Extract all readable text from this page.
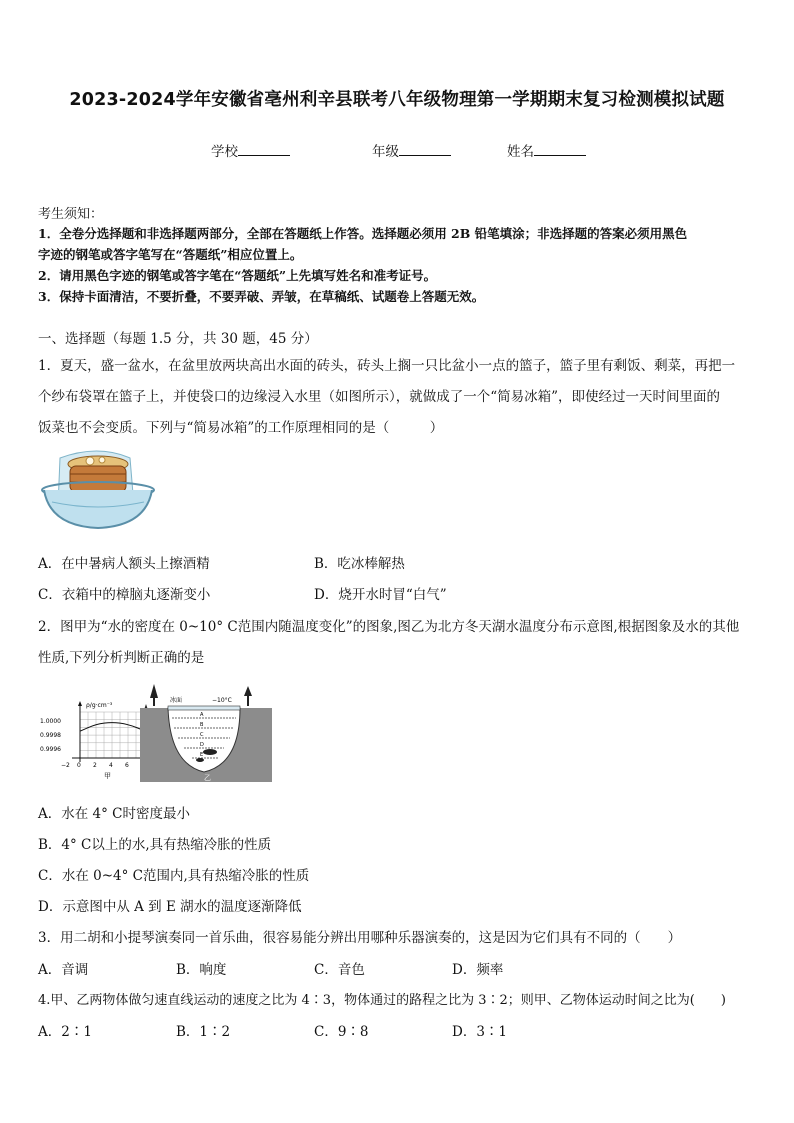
2023-2024学年安徽省亳州利辛县联考八年级物理第一学期期末复习检测模拟试题
学校	年级	姓名
考生须知：
1．全卷分选择题和非选择题两部分，全部在答题纸上作答。选择题必须用 2B 铅笔填涂；非选择题的答案必须用黑色
字迹的钢笔或答字笔写在“答题纸”相应位置上。
2．请用黑色字迹的钢笔或答字笔在“答题纸”上先填写姓名和准考证号。
3．保持卡面清洁，不要折叠，不要弄破、弄皱，在草稿纸、试题卷上答题无效。
一、选择题（每题 1.5 分，共 30 题，45 分）
1．夏天，盛一盆水，在盆里放两块高出水面的砖头，砖头上搁一只比盆小一点的篮子，篮子里有剩饭、剩菜，再把一
个纱布袋罩在篮子上，并使袋口的边缘浸入水里（如图所示），就做成了一个“简易冰箱”，即使经过一天时间里面的
饭菜也不会变质。下列与“简易冰箱”的工作原理相同的是（　　　）
A．在中暑病人额头上擦酒精	B．吃冰棒解热
C．衣箱中的樟脑丸逐渐变小	D．烧开水时冒“白气”
2．图甲为“水的密度在 0~10° C范围内随温度变化”的图象,图乙为北方冬天湖水温度分布示意图,根据图象及水的其他
性质,下列分析判断正确的是
ρ/g·cm⁻³
1.0000
0.9998
0.9996
−2 0 2 4 6
甲
A
B
C
D
E
冰面	−10°C
乙
A．水在 4° C时密度最小
B．4° C以上的水,具有热缩冷胀的性质
C．水在 0~4° C范围内,具有热缩冷胀的性质
D．示意图中从 A 到 E 湖水的温度逐渐降低
3．用二胡和小提琴演奏同一首乐曲，很容易能分辨出用哪种乐器演奏的，这是因为它们具有不同的（　　）
A．音调	B．响度	C．音色	D．频率
4.甲、乙两物体做匀速直线运动的速度之比为 4∶3，物体通过的路程之比为 3∶2；则甲、乙物体运动时间之比为(　　)
A．2∶1	B．1∶2	C．9∶8	D．3∶1
